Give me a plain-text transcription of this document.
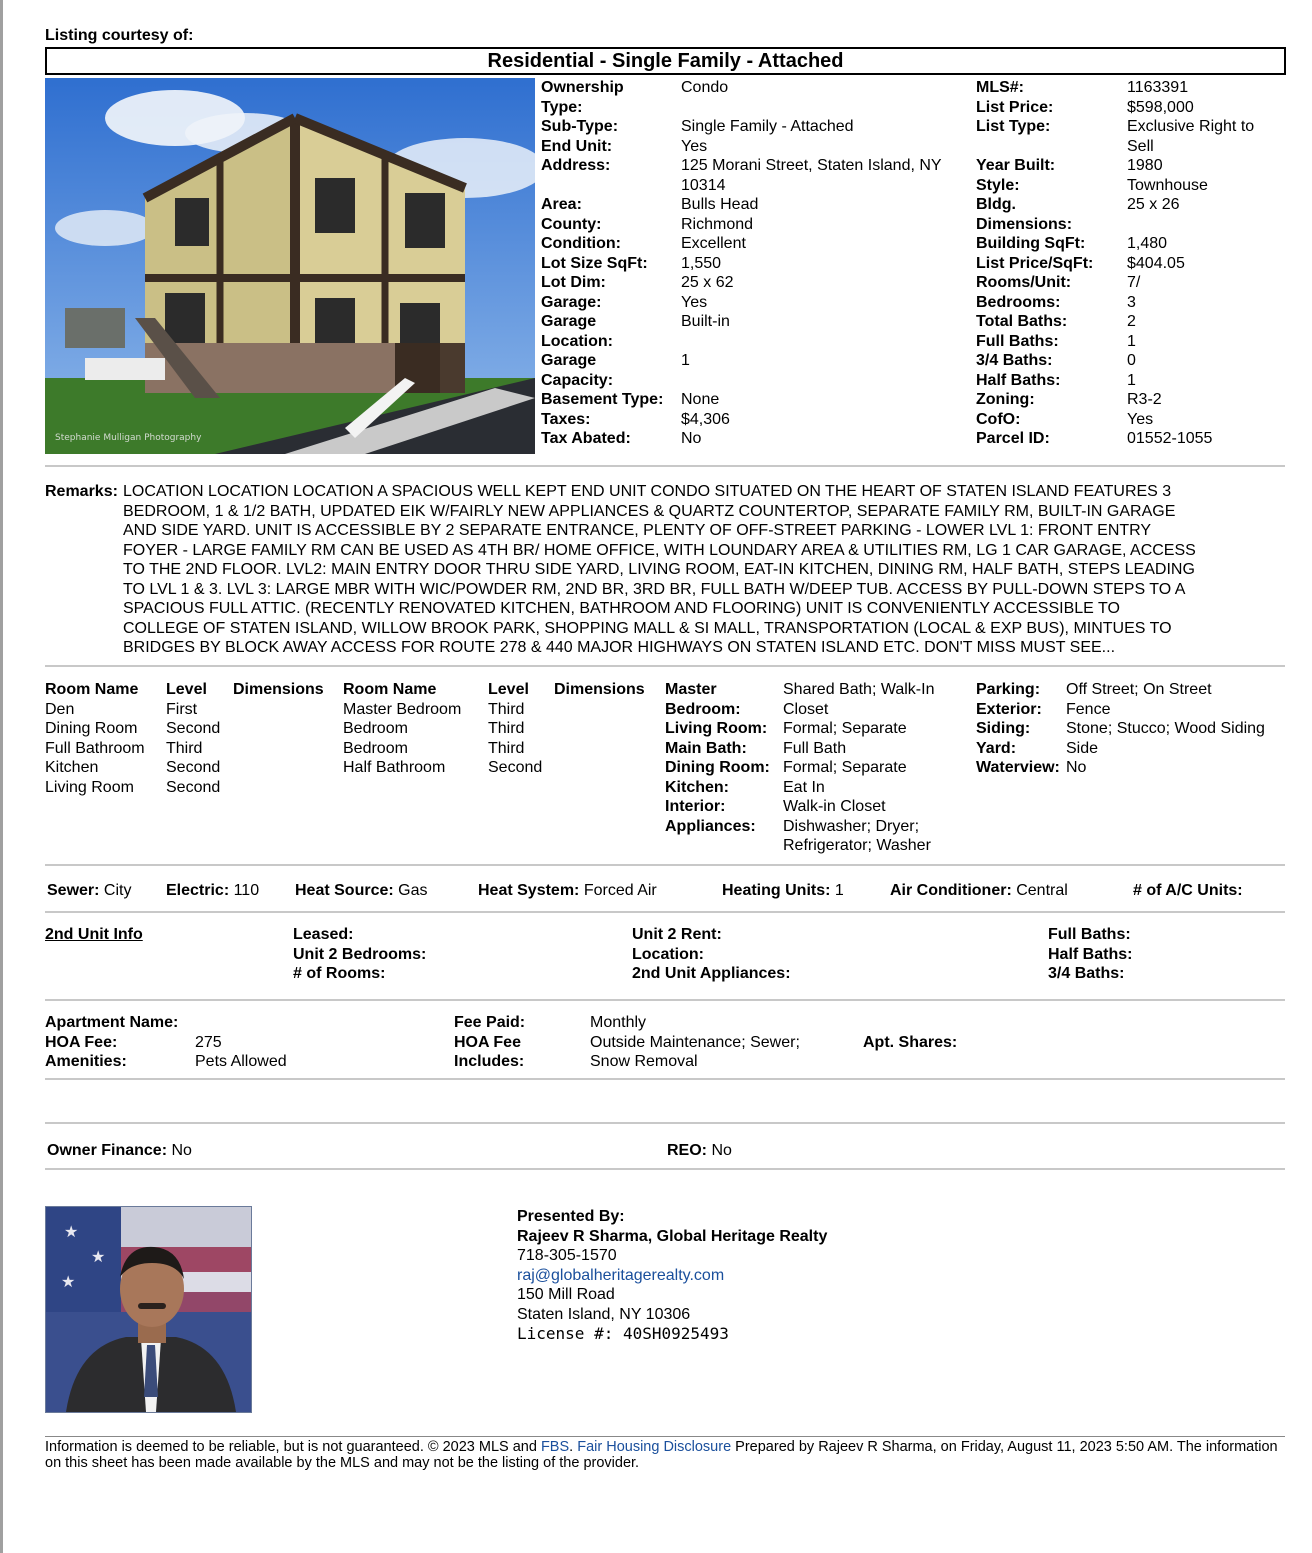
Listing courtesy of:
Residential - Single Family - Attached
Stephanie Mulligan Photography
Ownership
Type:
Condo
Sub-Type:	Single Family - Attached
End Unit:	Yes
Address:	125 Morani Street, Staten Island, NY 10314
Area:	Bulls Head
County:	Richmond
Condition:	Excellent
Lot Size SqFt: 1,550
Lot Dim:	25 x 62
Garage:	Yes
Garage Location:
Built-in
Garage Capacity:
1
Basement Type: None
Taxes:	$4,306
Tax Abated:	No
MLS#:	1163391
List Price:	$598,000
List Type:	Exclusive Right to Sell
Year Built:	1980
Style:	Townhouse
Bldg. Dimensions:
25 x 26
Building SqFt:	1,480
List Price/SqFt: $404.05
Rooms/Unit:	7/
Bedrooms:	3
Total Baths:	2
Full Baths:	1
3/4 Baths:	0
Half Baths:	1
Zoning:	R3-2
CofO:	Yes
Parcel ID:	01552-1055
Remarks: LOCATION LOCATION LOCATION A SPACIOUS WELL KEPT END UNIT CONDO SITUATED ON THE HEART OF STATEN ISLAND FEATURES 3
BEDROOM, 1 & 1/2 BATH, UPDATED EIK W/FAIRLY NEW APPLIANCES & QUARTZ COUNTERTOP, SEPARATE FAMILY RM, BUILT-IN GARAGE
AND SIDE YARD. UNIT IS ACCESSIBLE BY 2 SEPARATE ENTRANCE, PLENTY OF OFF-STREET PARKING - LOWER LVL 1: FRONT ENTRY
FOYER - LARGE FAMILY RM CAN BE USED AS 4TH BR/ HOME OFFICE, WITH LOUNDARY AREA & UTILITIES RM, LG 1 CAR GARAGE, ACCESS
TO THE 2ND FLOOR. LVL2: MAIN ENTRY DOOR THRU SIDE YARD, LIVING ROOM, EAT-IN KITCHEN, DINING RM, HALF BATH, STEPS LEADING
TO LVL 1 & 3. LVL 3: LARGE MBR WITH WIC/POWDER RM, 2ND BR, 3RD BR, FULL BATH W/DEEP TUB. ACCESS BY PULL-DOWN STEPS TO A
SPACIOUS FULL ATTIC. (RECENTLY RENOVATED KITCHEN, BATHROOM AND FLOORING) UNIT IS CONVENIENTLY ACCESSIBLE TO
COLLEGE OF STATEN ISLAND, WILLOW BROOK PARK, SHOPPING MALL & SI MALL, TRANSPORTATION (LOCAL & EXP BUS), MINTUES TO
BRIDGES BY BLOCK AWAY ACCESS FOR ROUTE 278 & 440 MAJOR HIGHWAYS ON STATEN ISLAND ETC. DON'T MISS MUST SEE...
Room Name Level Dimensions Room Name	Level Dimensions
Den	First
Dining Room Second
Full Bathroom Third
Kitchen	Second
Living Room Second
Master Bedroom Third
Bedroom	Third
Bedroom	Third
Half Bathroom	Second
Master
Bedroom:
Shared Bath; Walk-In
Closet
Living Room: Formal; Separate
Main Bath: Full Bath
Dining Room: Formal; Separate
Kitchen:	Eat In
Interior:	Walk-in Closet
Appliances: Dishwasher; Dryer;
Refrigerator; Washer
Parking: Off Street; On Street
Exterior: Fence
Siding: Stone; Stucco; Wood Siding
Yard:	Side
Waterview: No
Sewer: City Electric: 110 Heat Source: Gas	Heat System: Forced Air	Heating Units: 1	Air Conditioner: Central	# of A/C Units:
2nd Unit Info	Leased:
Unit 2 Bedrooms:
# of Rooms:
Unit 2 Rent:
Location:
2nd Unit Appliances:
Full Baths:
Half Baths:
3/4 Baths:
Apartment Name:
HOA Fee:	275
Amenities:	Pets Allowed
Fee Paid:	Monthly
HOA Fee
Includes:
Outside Maintenance; Sewer;
Snow Removal
Apt. Shares:
Owner Finance: No	REO: No
★
★
★
Presented By:
Rajeev R Sharma, Global Heritage Realty
718-305-1570
raj@globalheritagerealty.com
150 Mill Road
Staten Island, NY 10306
License #: 40SH0925493
Information is deemed to be reliable, but is not guaranteed. © 2023 MLS and FBS. Fair Housing Disclosure Prepared by Rajeev R Sharma, on Friday, August 11, 2023 5:50 AM. The information on this sheet has been made available by the MLS and may not be the listing of the provider.
